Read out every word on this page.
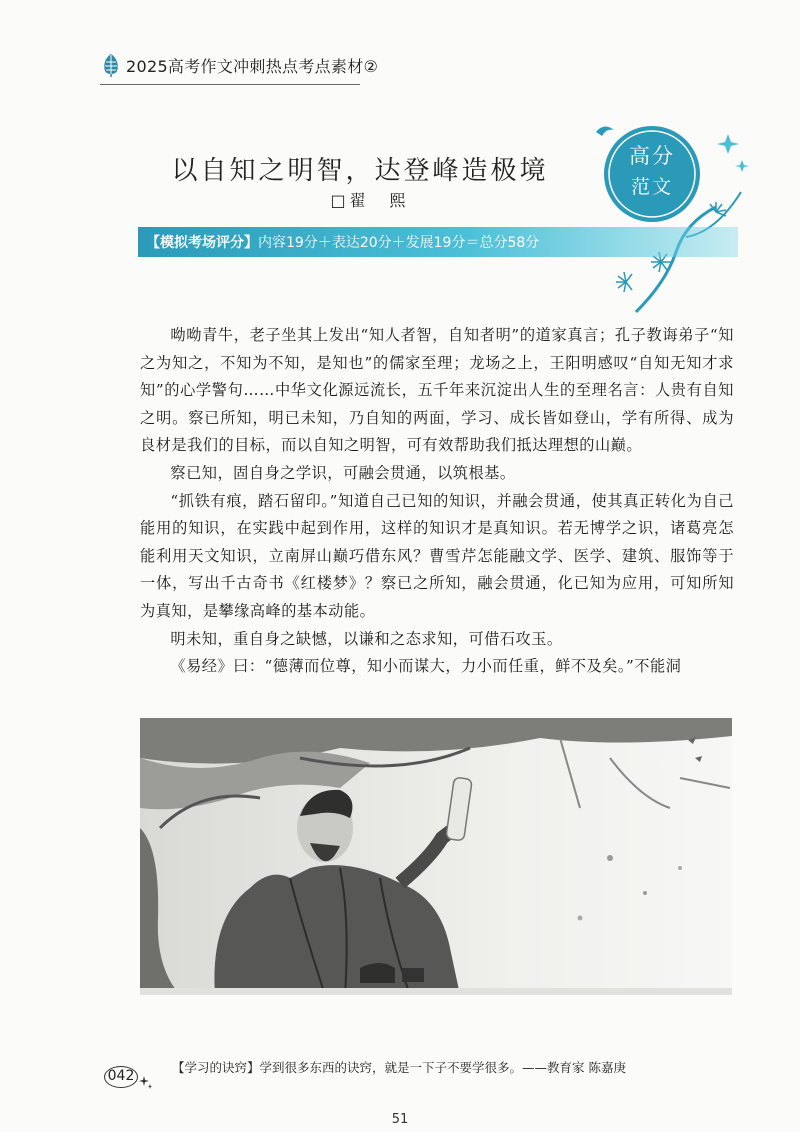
2025高考作文冲刺热点考点素材②
高分
范文
以自知之明智，达登峰造极境
□翟　熙
【模拟考场评分】 内容19分＋表达20分＋发展19分＝总分58分

呦呦青牛，老子坐其上发出“知人者智，自知者明”的道家真言；孔子教诲弟子“知之为知之，不知为不知，是知也”的儒家至理；龙场之上，王阳明感叹“自知无知才求知”的心学警句……中华文化源远流长，五千年来沉淀出人生的至理名言：人贵有自知之明。察已所知，明已未知，乃自知的两面，学习、成长皆如登山，学有所得、成为良材是我们的目标，而以自知之明智，可有效帮助我们抵达理想的山巅。

察已知，固自身之学识，可融会贯通，以筑根基。

“抓铁有痕，踏石留印。”知道自己已知的知识，并融会贯通，使其真正转化为自己能用的知识，在实践中起到作用，这样的知识才是真知识。若无博学之识，诸葛亮怎能利用天文知识，立南屏山巅巧借东风？曹雪芹怎能融文学、医学、建筑、服饰等于一体，写出千古奇书《红楼梦》？察已之所知，融会贯通，化已知为应用，可知所知为真知，是攀缘高峰的基本动能。

明未知，重自身之缺憾，以谦和之态求知，可借石攻玉。

《易经》曰：“德薄而位尊，知小而谋大，力小而任重，鲜不及矣。”不能洞

042
【学习的诀窍】学到很多东西的诀窍，就是一下子不要学很多。——教育家 陈嘉庚
51
